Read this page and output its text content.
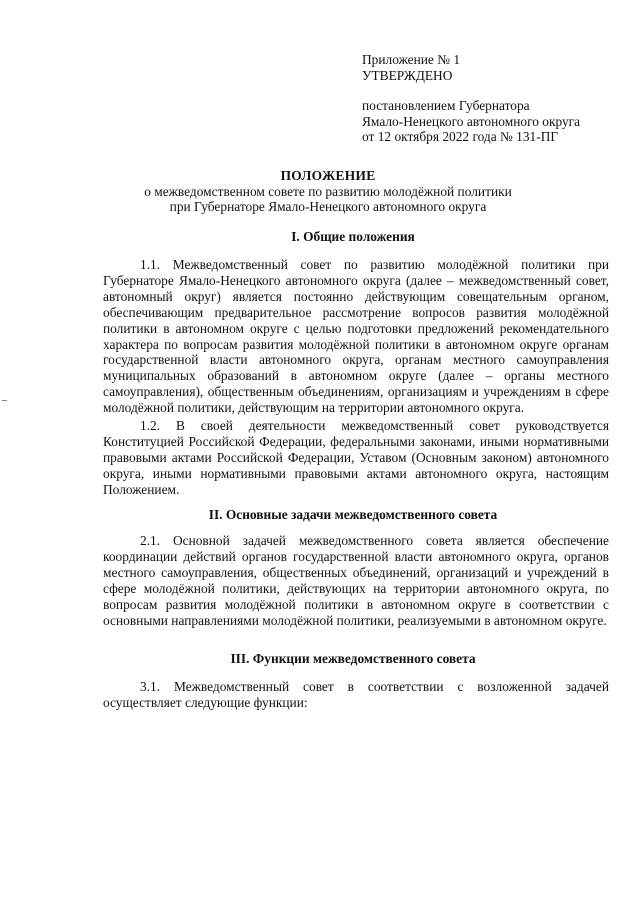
Приложение № 1
УТВЕРЖДЕНО
постановлением Губернатора
Ямало-Ненецкого автономного округа
от 12 октября 2022 года № 131-ПГ
ПОЛОЖЕНИЕ
о межведомственном совете по развитию молодёжной политики
при Губернаторе Ямало-Ненецкого автономного округа
I. Общие положения

1.1. Межведомственный совет по развитию молодёжной политики при Губернаторе Ямало-Ненецкого автономного округа (далее – межведомственный совет, автономный округ) является постоянно действующим совещательным органом, обеспечивающим предварительное рассмотрение вопросов развития молодёжной политики в автономном округе с целью подготовки предложений рекомендательного характера по вопросам развития молодёжной политики в автономном округе органам государственной власти автономного округа, органам местного самоуправления муниципальных образований в автономном округе (далее – органы местного самоуправления), общественным объединениям, организациям и учреждениям в сфере молодёжной политики, действующим на территории автономного округа.

1.2. В своей деятельности межведомственный совет руководствуется Конституцией Российской Федерации, федеральными законами, иными нормативными правовыми актами Российской Федерации, Уставом (Основным законом) автономного округа, иными нормативными правовыми актами автономного округа, настоящим Положением.

II. Основные задачи межведомственного совета

2.1. Основной задачей межведомственного совета является обеспечение координации действий органов государственной власти автономного округа, органов местного самоуправления, общественных объединений, организаций и учреждений в сфере молодёжной политики, действующих на территории автономного округа, по вопросам развития молодёжной политики в автономном округе в соответствии с основными направлениями молодёжной политики, реализуемыми в автономном округе.

III. Функции межведомственного совета

3.1. Межведомственный совет в соответствии с возложенной задачей осуществляет следующие функции:
